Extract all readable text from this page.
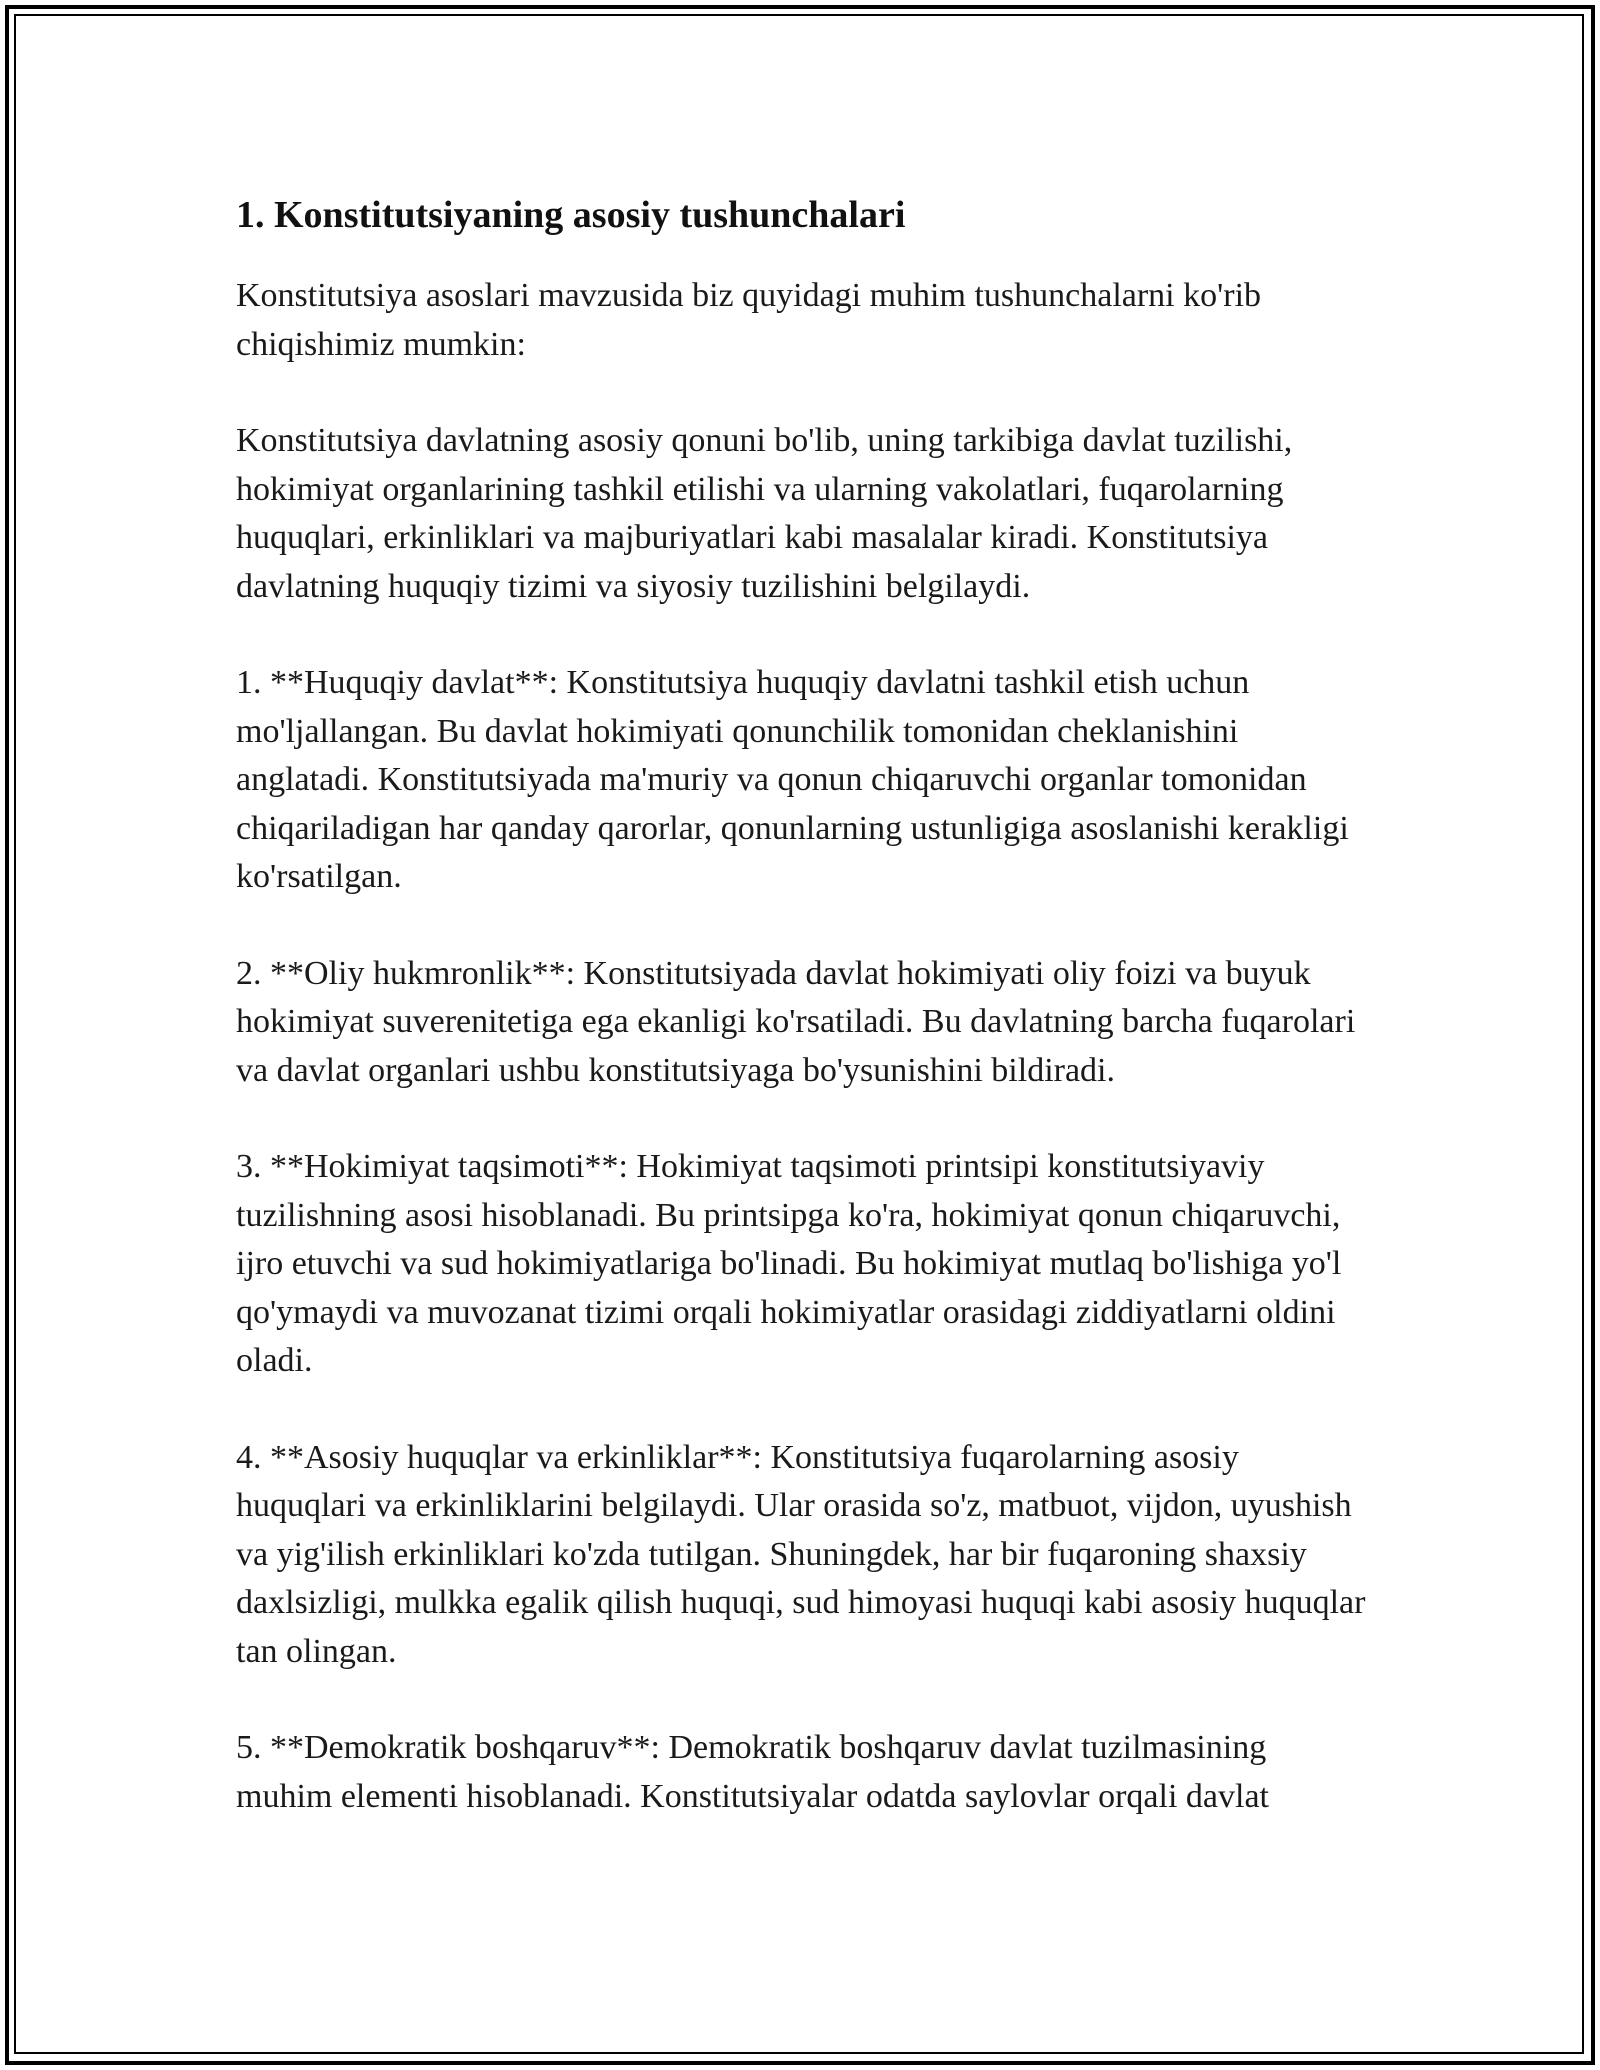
1. Konstitutsiyaning asosiy tushunchalari

Konstitutsiya asoslari mavzusida biz quyidagi muhim tushunchalarni ko'rib chiqishimiz mumkin:

Konstitutsiya davlatning asosiy qonuni bo'lib, uning tarkibiga davlat tuzilishi, hokimiyat organlarining tashkil etilishi va ularning vakolatlari, fuqarolarning huquqlari, erkinliklari va majburiyatlari kabi masalalar kiradi. Konstitutsiya davlatning huquqiy tizimi va siyosiy tuzilishini belgilaydi.

1. **Huquqiy davlat**: Konstitutsiya huquqiy davlatni tashkil etish uchun mo'ljallangan. Bu davlat hokimiyati qonunchilik tomonidan cheklanishini anglatadi. Konstitutsiyada ma'muriy va qonun chiqaruvchi organlar tomonidan chiqariladigan har qanday qarorlar, qonunlarning ustunligiga asoslanishi kerakligi ko'rsatilgan.

2. **Oliy hukmronlik**: Konstitutsiyada davlat hokimiyati oliy foizi va buyuk hokimiyat suverenitetiga ega ekanligi ko'rsatiladi. Bu davlatning barcha fuqarolari va davlat organlari ushbu konstitutsiyaga bo'ysunishini bildiradi.

3. **Hokimiyat taqsimoti**: Hokimiyat taqsimoti printsipi konstitutsiyaviy tuzilishning asosi hisoblanadi. Bu printsipga ko'ra, hokimiyat qonun chiqaruvchi, ijro etuvchi va sud hokimiyatlariga bo'linadi. Bu hokimiyat mutlaq bo'lishiga yo'l qo'ymaydi va muvozanat tizimi orqali hokimiyatlar orasidagi ziddiyatlarni oldini oladi.

4. **Asosiy huquqlar va erkinliklar**: Konstitutsiya fuqarolarning asosiy huquqlari va erkinliklarini belgilaydi. Ular orasida so'z, matbuot, vijdon, uyushish va yig'ilish erkinliklari ko'zda tutilgan. Shuningdek, har bir fuqaroning shaxsiy daxlsizligi, mulkka egalik qilish huquqi, sud himoyasi huquqi kabi asosiy huquqlar tan olingan.

5. **Demokratik boshqaruv**: Demokratik boshqaruv davlat tuzilmasining muhim elementi hisoblanadi. Konstitutsiyalar odatda saylovlar orqali davlat
